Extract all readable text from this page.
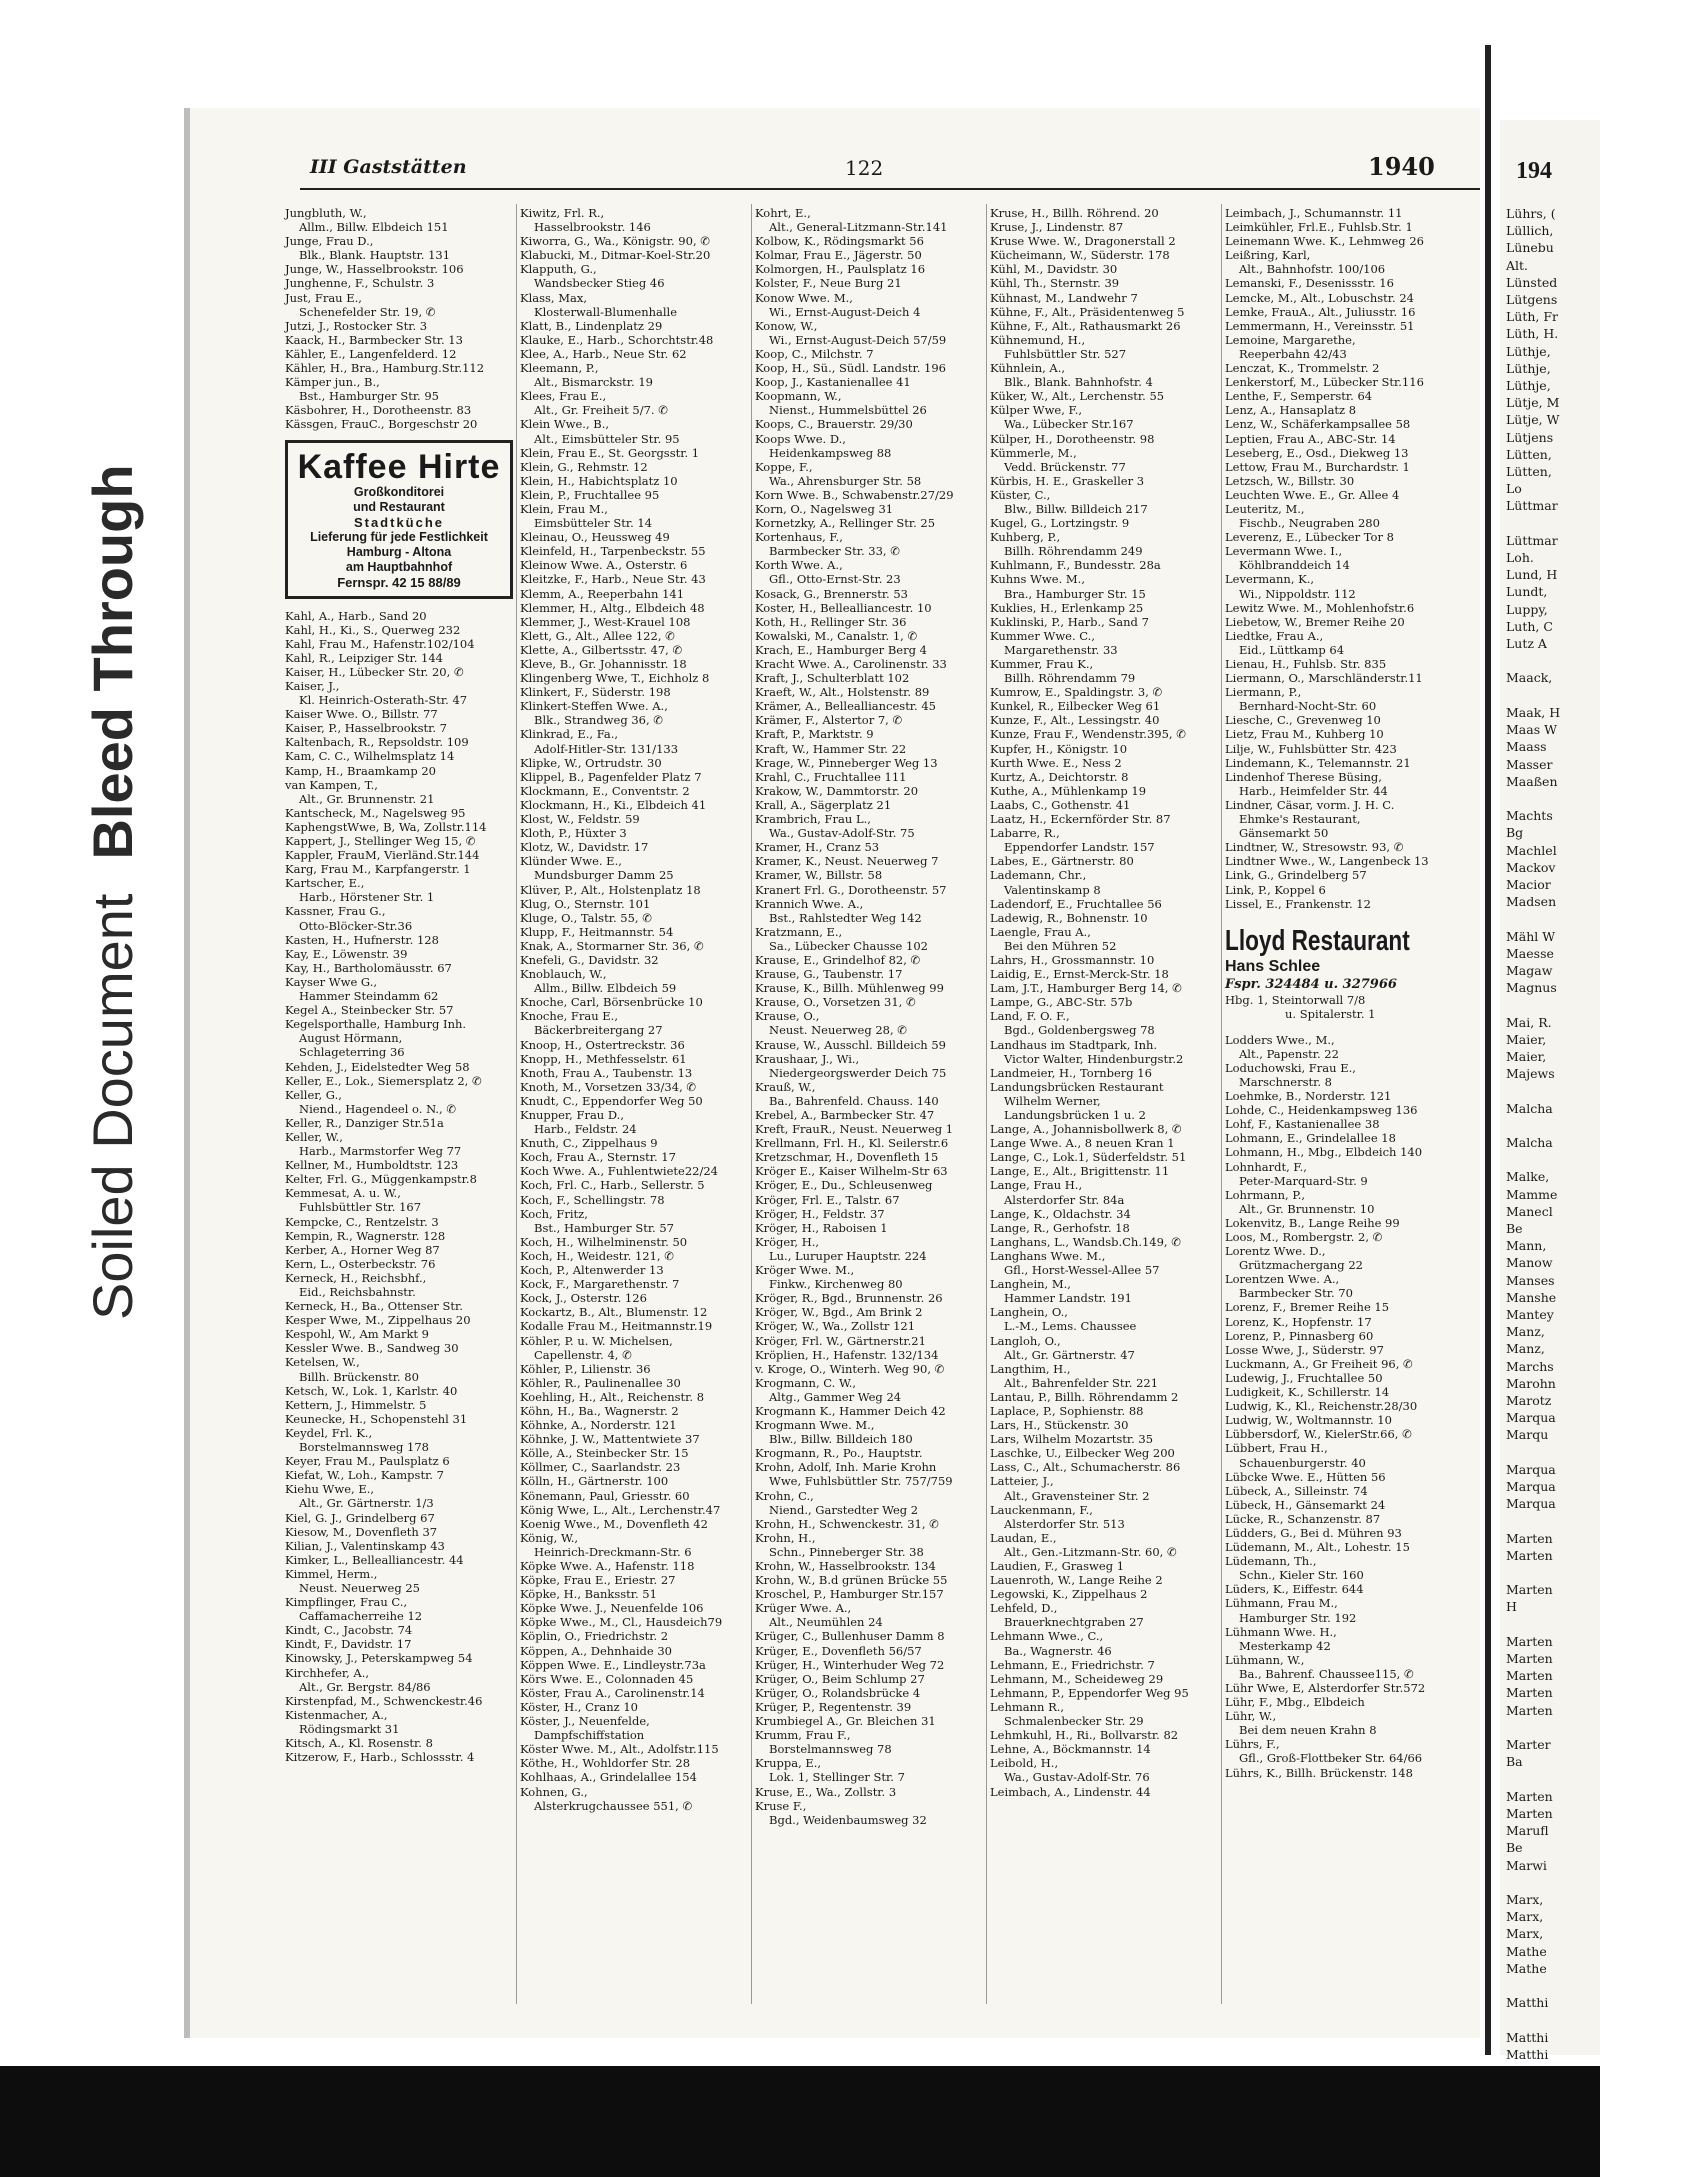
Soiled Document
Bleed Through
III Gaststätten	122	1940
Jungbluth, W.,
Allm., Billw. Elbdeich 151
Junge, Frau D.,
Blk., Blank. Hauptstr. 131
Junge, W., Hasselbrookstr. 106
Junghenne, F., Schulstr. 3
Just, Frau E.,
Schenefelder Str. 19, ✆
Jutzi, J., Rostocker Str. 3
Kaack, H., Barmbecker Str. 13
Kähler, E., Langenfelderd. 12
Kähler, H., Bra., Hamburg.Str.112
Kämper jun., B.,
Bst., Hamburger Str. 95
Käsbohrer, H., Dorotheenstr. 83
Kässgen, FrauC., Borgeschstr 20
Kaffee Hirte
Großkonditorei
und Restaurant
Stadtküche
Lieferung für jede Festlichkeit
Hamburg - Altona
am Hauptbahnhof
Fernspr. 42 15 88/89
Kahl, A., Harb., Sand 20
Kahl, H., Ki., S., Querweg 232
Kahl, Frau M., Hafenstr.102/104
Kahl, R., Leipziger Str. 144
Kaiser, H., Lübecker Str. 20, ✆
Kaiser, J.,
Kl. Heinrich-Osterath-Str. 47
Kaiser Wwe. O., Billstr. 77
Kaiser, P., Hasselbrookstr. 7
Kaltenbach, R., Repsoldstr. 109
Kam, C. C., Wilhelmsplatz 14
Kamp, H., Braamkamp 20
van Kampen, T.,
Alt., Gr. Brunnenstr. 21
Kantscheck, M., Nagelsweg 95
KaphengstWwe, B, Wa, Zollstr.114
Kappert, J., Stellinger Weg 15, ✆
Kappler, FrauM, Vierländ.Str.144
Karg, Frau M., Karpfangerstr. 1
Kartscher, E.,
Harb., Hörstener Str. 1
Kassner, Frau G.,
Otto-Blöcker-Str.36
Kasten, H., Hufnerstr. 128
Kay, E., Löwenstr. 39
Kay, H., Bartholomäusstr. 67
Kayser Wwe G.,
Hammer Steindamm 62
Kegel A., Steinbecker Str. 57
Kegelsporthalle, Hamburg Inh.
August Hörmann,
Schlageterring 36
Kehden, J., Eidelstedter Weg 58
Keller, E., Lok., Siemersplatz 2, ✆
Keller, G.,
Niend., Hagendeel o. N., ✆
Keller, R., Danziger Str.51a
Keller, W.,
Harb., Marmstorfer Weg 77
Kellner, M., Humboldtstr. 123
Kelter, Frl. G., Müggenkampstr.8
Kemmesat, A. u. W.,
Fuhlsbüttler Str. 167
Kempcke, C., Rentzelstr. 3
Kempin, R., Wagnerstr. 128
Kerber, A., Horner Weg 87
Kern, L., Osterbeckstr. 76
Kerneck, H., Reichsbhf.,
Eid., Reichsbahnstr.
Kerneck, H., Ba., Ottenser Str.
Kesper Wwe, M., Zippelhaus 20
Kespohl, W., Am Markt 9
Kessler Wwe. B., Sandweg 30
Ketelsen, W.,
Billh. Brückenstr. 80
Ketsch, W., Lok. 1, Karlstr. 40
Kettern, J., Himmelstr. 5
Keunecke, H., Schopenstehl 31
Keydel, Frl. K.,
Borstelmannsweg 178
Keyer, Frau M., Paulsplatz 6
Kiefat, W., Loh., Kampstr. 7
Kiehu Wwe, E.,
Alt., Gr. Gärtnerstr. 1/3
Kiel, G. J., Grindelberg 67
Kiesow, M., Dovenfleth 37
Kilian, J., Valentinskamp 43
Kimker, L., Bellealliancestr. 44
Kimmel, Herm.,
Neust. Neuerweg 25
Kimpflinger, Frau C.,
Caffamacherreihe 12
Kindt, C., Jacobstr. 74
Kindt, F., Davidstr. 17
Kinowsky, J., Peterskampweg 54
Kirchhefer, A.,
Alt., Gr. Bergstr. 84/86
Kirstenpfad, M., Schwenckestr.46
Kistenmacher, A.,
Rödingsmarkt 31
Kitsch, A., Kl. Rosenstr. 8
Kitzerow, F., Harb., Schlossstr. 4
Kiwitz, Frl. R.,
Hasselbrookstr. 146
Kiworra, G., Wa., Königstr. 90, ✆
Klabucki, M., Ditmar-Koel-Str.20
Klapputh, G.,
Wandsbecker Stieg 46
Klass, Max,
Klosterwall-Blumenhalle
Klatt, B., Lindenplatz 29
Klauke, E., Harb., Schorchtstr.48
Klee, A., Harb., Neue Str. 62
Kleemann, P.,
Alt., Bismarckstr. 19
Klees, Frau E.,
Alt., Gr. Freiheit 5/7. ✆
Klein Wwe., B.,
Alt., Eimsbütteler Str. 95
Klein, Frau E., St. Georgsstr. 1
Klein, G., Rehmstr. 12
Klein, H., Habichtsplatz 10
Klein, P., Fruchtallee 95
Klein, Frau M.,
Eimsbütteler Str. 14
Kleinau, O., Heussweg 49
Kleinfeld, H., Tarpenbeckstr. 55
Kleinow Wwe. A., Osterstr. 6
Kleitzke, F., Harb., Neue Str. 43
Klemm, A., Reeperbahn 141
Klemmer, H., Altg., Elbdeich 48
Klemmer, J., West-Krauel 108
Klett, G., Alt., Allee 122, ✆
Klette, A., Gilbertsstr. 47, ✆
Kleve, B., Gr. Johannisstr. 18
Klingenberg Wwe, T., Eichholz 8
Klinkert, F., Süderstr. 198
Klinkert-Steffen Wwe. A.,
Blk., Strandweg 36, ✆
Klinkrad, E., Fa.,
Adolf-Hitler-Str. 131/133
Klipke, W., Ortrudstr. 30
Klippel, B., Pagenfelder Platz 7
Klockmann, E., Conventstr. 2
Klockmann, H., Ki., Elbdeich 41
Klost, W., Feldstr. 59
Kloth, P., Hüxter 3
Klotz, W., Davidstr. 17
Klünder Wwe. E.,
Mundsburger Damm 25
Klüver, P., Alt., Holstenplatz 18
Klug, O., Sternstr. 101
Kluge, O., Talstr. 55, ✆
Klupp, F., Heitmannstr. 54
Knak, A., Stormarner Str. 36, ✆
Knefeli, G., Davidstr. 32
Knoblauch, W.,
Allm., Billw. Elbdeich 59
Knoche, Carl, Börsenbrücke 10
Knoche, Frau E.,
Bäckerbreitergang 27
Knoop, H., Ostertreckstr. 36
Knopp, H., Methfesselstr. 61
Knoth, Frau A., Taubenstr. 13
Knoth, M., Vorsetzen 33/34, ✆
Knudt, C., Eppendorfer Weg 50
Knupper, Frau D.,
Harb., Feldstr. 24
Knuth, C., Zippelhaus 9
Koch, Frau A., Sternstr. 17
Koch Wwe. A., Fuhlentwiete22/24
Koch, Frl. C., Harb., Sellerstr. 5
Koch, F., Schellingstr. 78
Koch, Fritz,
Bst., Hamburger Str. 57
Koch, H., Wilhelminenstr. 50
Koch, H., Weidestr. 121, ✆
Koch, P., Altenwerder 13
Kock, F., Margarethenstr. 7
Kock, J., Osterstr. 126
Kockartz, B., Alt., Blumenstr. 12
Kodalle Frau M., Heitmannstr.19
Köhler, P. u. W. Michelsen,
Capellenstr. 4, ✆
Köhler, P., Lilienstr. 36
Köhler, R., Paulinenallee 30
Koehling, H., Alt., Reichenstr. 8
Köhn, H., Ba., Wagnerstr. 2
Köhnke, A., Norderstr. 121
Köhnke, J. W., Mattentwiete 37
Kölle, A., Steinbecker Str. 15
Köllmer, C., Saarlandstr. 23
Kölln, H., Gärtnerstr. 100
Könemann, Paul, Griesstr. 60
König Wwe, L., Alt., Lerchenstr.47
Koenig Wwe., M., Dovenfleth 42
König, W.,
Heinrich-Dreckmann-Str. 6
Köpke Wwe. A., Hafenstr. 118
Köpke, Frau E., Eriestr. 27
Köpke, H., Banksstr. 51
Köpke Wwe. J., Neuenfelde 106
Köpke Wwe., M., Cl., Hausdeich79
Köplin, O., Friedrichstr. 2
Köppen, A., Dehnhaide 30
Köppen Wwe. E., Lindleystr.73a
Körs Wwe. E., Colonnaden 45
Köster, Frau A., Carolinenstr.14
Köster, H., Cranz 10
Köster, J., Neuenfelde,
Dampfschiffstation
Köster Wwe. M., Alt., Adolfstr.115
Köthe, H., Wohldorfer Str. 28
Kohlhaas, A., Grindelallee 154
Kohnen, G.,
Alsterkrugchaussee 551, ✆
Kohrt, E.,
Alt., General-Litzmann-Str.141
Kolbow, K., Rödingsmarkt 56
Kolmar, Frau E., Jägerstr. 50
Kolmorgen, H., Paulsplatz 16
Kolster, F., Neue Burg 21
Konow Wwe. M.,
Wi., Ernst-August-Deich 4
Konow, W.,
Wi., Ernst-August-Deich 57/59
Koop, C., Milchstr. 7
Koop, H., Sü., Südl. Landstr. 196
Koop, J., Kastanienallee 41
Koopmann, W.,
Nienst., Hummelsbüttel 26
Koops, C., Brauerstr. 29/30
Koops Wwe. D.,
Heidenkampsweg 88
Koppe, F.,
Wa., Ahrensburger Str. 58
Korn Wwe. B., Schwabenstr.27/29
Korn, O., Nagelsweg 31
Kornetzky, A., Rellinger Str. 25
Kortenhaus, F.,
Barmbecker Str. 33, ✆
Korth Wwe. A.,
Gfl., Otto-Ernst-Str. 23
Kosack, G., Brennerstr. 53
Koster, H., Bellealliancestr. 10
Koth, H., Rellinger Str. 36
Kowalski, M., Canalstr. 1, ✆
Krach, E., Hamburger Berg 4
Kracht Wwe. A., Carolinenstr. 33
Kraft, J., Schulterblatt 102
Kraeft, W., Alt., Holstenstr. 89
Krämer, A., Bellealliancestr. 45
Krämer, F., Alstertor 7, ✆
Kraft, P., Marktstr. 9
Kraft, W., Hammer Str. 22
Krage, W., Pinneberger Weg 13
Krahl, C., Fruchtallee 111
Krakow, W., Dammtorstr. 20
Krall, A., Sägerplatz 21
Krambrich, Frau L.,
Wa., Gustav-Adolf-Str. 75
Kramer, H., Cranz 53
Kramer, K., Neust. Neuerweg 7
Kramer, W., Billstr. 58
Kranert Frl. G., Dorotheenstr. 57
Krannich Wwe. A.,
Bst., Rahlstedter Weg 142
Kratzmann, E.,
Sa., Lübecker Chausse 102
Krause, E., Grindelhof 82, ✆
Krause, G., Taubenstr. 17
Krause, K., Billh. Mühlenweg 99
Krause, O., Vorsetzen 31, ✆
Krause, O.,
Neust. Neuerweg 28, ✆
Krause, W., Ausschl. Billdeich 59
Kraushaar, J., Wi.,
Niedergeorgswerder Deich 75
Krauß, W.,
Ba., Bahrenfeld. Chauss. 140
Krebel, A., Barmbecker Str. 47
Kreft, FrauR., Neust. Neuerweg 1
Krellmann, Frl. H., Kl. Seilerstr.6
Kretzschmar, H., Dovenfleth 15
Kröger E., Kaiser Wilhelm-Str 63
Kröger, E., Du., Schleusenweg
Kröger, Frl. E., Talstr. 67
Kröger, H., Feldstr. 37
Kröger, H., Raboisen 1
Kröger, H.,
Lu., Luruper Hauptstr. 224
Kröger Wwe. M.,
Finkw., Kirchenweg 80
Kröger, R., Bgd., Brunnenstr. 26
Kröger, W., Bgd., Am Brink 2
Kröger, W., Wa., Zollstr 121
Kröger, Frl. W., Gärtnerstr.21
Kröplien, H., Hafenstr. 132/134
v. Kroge, O., Winterh. Weg 90, ✆
Krogmann, C. W.,
Altg., Gammer Weg 24
Krogmann K., Hammer Deich 42
Krogmann Wwe. M.,
Blw., Billw. Billdeich 180
Krogmann, R., Po., Hauptstr.
Krohn, Adolf, Inh. Marie Krohn
Wwe, Fuhlsbüttler Str. 757/759
Krohn, C.,
Niend., Garstedter Weg 2
Krohn, H., Schwenckestr. 31, ✆
Krohn, H.,
Schn., Pinneberger Str. 38
Krohn, W., Hasselbrookstr. 134
Krohn, W., B.d grünen Brücke 55
Kroschel, P., Hamburger Str.157
Krüger Wwe. A.,
Alt., Neumühlen 24
Krüger, C., Bullenhuser Damm 8
Krüger, E., Dovenfleth 56/57
Krüger, H., Winterhuder Weg 72
Krüger, O., Beim Schlump 27
Krüger, O., Rolandsbrücke 4
Krüger, P., Regentenstr. 39
Krumbiegel A., Gr. Bleichen 31
Krumm, Frau F.,
Borstelmannsweg 78
Kruppa, E.,
Lok. 1, Stellinger Str. 7
Kruse, E., Wa., Zollstr. 3
Kruse F.,
Bgd., Weidenbaumsweg 32
Kruse, H., Billh. Röhrend. 20
Kruse, J., Lindenstr. 87
Kruse Wwe. W., Dragonerstall 2
Kücheimann, W., Süderstr. 178
Kühl, M., Davidstr. 30
Kühl, Th., Sternstr. 39
Kühnast, M., Landwehr 7
Kühne, F., Alt., Präsidentenweg 5
Kühne, F., Alt., Rathausmarkt 26
Kühnemund, H.,
Fuhlsbüttler Str. 527
Kühnlein, A.,
Blk., Blank. Bahnhofstr. 4
Küker, W., Alt., Lerchenstr. 55
Külper Wwe, F.,
Wa., Lübecker Str.167
Külper, H., Dorotheenstr. 98
Kümmerle, M.,
Vedd. Brückenstr. 77
Kürbis, H. E., Graskeller 3
Küster, C.,
Blw., Billw. Billdeich 217
Kugel, G., Lortzingstr. 9
Kuhberg, P.,
Billh. Röhrendamm 249
Kuhlmann, F., Bundesstr. 28a
Kuhns Wwe. M.,
Bra., Hamburger Str. 15
Kuklies, H., Erlenkamp 25
Kuklinski, P., Harb., Sand 7
Kummer Wwe. C.,
Margarethenstr. 33
Kummer, Frau K.,
Billh. Röhrendamm 79
Kumrow, E., Spaldingstr. 3, ✆
Kunkel, R., Eilbecker Weg 61
Kunze, F., Alt., Lessingstr. 40
Kunze, Frau F., Wendenstr.395, ✆
Kupfer, H., Königstr. 10
Kurth Wwe. E., Ness 2
Kurtz, A., Deichtorstr. 8
Kuthe, A., Mühlenkamp 19
Laabs, C., Gothenstr. 41
Laatz, H., Eckernförder Str. 87
Labarre, R.,
Eppendorfer Landstr. 157
Labes, E., Gärtnerstr. 80
Lademann, Chr.,
Valentinskamp 8
Ladendorf, E., Fruchtallee 56
Ladewig, R., Bohnenstr. 10
Laengle, Frau A.,
Bei den Mühren 52
Lahrs, H., Grossmannstr. 10
Laidig, E., Ernst-Merck-Str. 18
Lam, J.T., Hamburger Berg 14, ✆
Lampe, G., ABC-Str. 57b
Land, F. O. F.,
Bgd., Goldenbergsweg 78
Landhaus im Stadtpark, Inh.
Victor Walter, Hindenburgstr.2
Landmeier, H., Tornberg 16
Landungsbrücken Restaurant
Wilhelm Werner,
Landungsbrücken 1 u. 2
Lange, A., Johannisbollwerk 8, ✆
Lange Wwe. A., 8 neuen Kran 1
Lange, C., Lok.1, Süderfeldstr. 51
Lange, E., Alt., Brigittenstr. 11
Lange, Frau H.,
Alsterdorfer Str. 84a
Lange, K., Oldachstr. 34
Lange, R., Gerhofstr. 18
Langhans, L., Wandsb.Ch.149, ✆
Langhans Wwe. M.,
Gfl., Horst-Wessel-Allee 57
Langhein, M.,
Hammer Landstr. 191
Langhein, O.,
L.-M., Lems. Chaussee
Langloh, O.,
Alt., Gr. Gärtnerstr. 47
Langthim, H.,
Alt., Bahrenfelder Str. 221
Lantau, P., Billh. Röhrendamm 2
Laplace, P., Sophienstr. 88
Lars, H., Stückenstr. 30
Lars, Wilhelm Mozartstr. 35
Laschke, U., Eilbecker Weg 200
Lass, C., Alt., Schumacherstr. 86
Latteier, J.,
Alt., Gravensteiner Str. 2
Lauckenmann, F.,
Alsterdorfer Str. 513
Laudan, E.,
Alt., Gen.-Litzmann-Str. 60, ✆
Laudien, F., Grasweg 1
Lauenroth, W., Lange Reihe 2
Legowski, K., Zippelhaus 2
Lehfeld, D.,
Brauerknechtgraben 27
Lehmann Wwe., C.,
Ba., Wagnerstr. 46
Lehmann, E., Friedrichstr. 7
Lehmann, M., Scheideweg 29
Lehmann, P., Eppendorfer Weg 95
Lehmann R.,
Schmalenbecker Str. 29
Lehmkuhl, H., Ri., Bollvarstr. 82
Lehne, A., Böckmannstr. 14
Leibold, H.,
Wa., Gustav-Adolf-Str. 76
Leimbach, A., Lindenstr. 44
Leimbach, J., Schumannstr. 11
Leimkühler, Frl.E., Fuhlsb.Str. 1
Leinemann Wwe. K., Lehmweg 26
Leißring, Karl,
Alt., Bahnhofstr. 100/106
Lemanski, F., Desenissstr. 16
Lemcke, M., Alt., Lobuschstr. 24
Lemke, FrauA., Alt., Juliusstr. 16
Lemmermann, H., Vereinsstr. 51
Lemoine, Margarethe,
Reeperbahn 42/43
Lenczat, K., Trommelstr. 2
Lenkerstorf, M., Lübecker Str.116
Lenthe, F., Semperstr. 64
Lenz, A., Hansaplatz 8
Lenz, W., Schäferkampsallee 58
Leptien, Frau A., ABC-Str. 14
Leseberg, E., Osd., Diekweg 13
Lettow, Frau M., Burchardstr. 1
Letzsch, W., Billstr. 30
Leuchten Wwe. E., Gr. Allee 4
Leuteritz, M.,
Fischb., Neugraben 280
Leverenz, E., Lübecker Tor 8
Levermann Wwe. I.,
Köhlbranddeich 14
Levermann, K.,
Wi., Nippoldstr. 112
Lewitz Wwe. M., Mohlenhofstr.6
Liebetow, W., Bremer Reihe 20
Liedtke, Frau A.,
Eid., Lüttkamp 64
Lienau, H., Fuhlsb. Str. 835
Liermann, O., Marschländerstr.11
Liermann, P.,
Bernhard-Nocht-Str. 60
Liesche, C., Grevenweg 10
Lietz, Frau M., Kuhberg 10
Lilje, W., Fuhlsbütter Str. 423
Lindemann, K., Telemannstr. 21
Lindenhof Therese Büsing,
Harb., Heimfelder Str. 44
Lindner, Cäsar, vorm. J. H. C.
Ehmke's Restaurant,
Gänsemarkt 50
Lindtner, W., Stresowstr. 93, ✆
Lindtner Wwe., W., Langenbeck 13
Link, G., Grindelberg 57
Link, P., Koppel 6
Lissel, E., Frankenstr. 12
Lloyd Restaurant
Hans Schlee
Fspr. 324484 u. 327966
Hbg. 1, Steintorwall 7/8
u. Spitalerstr. 1
Lodders Wwe., M.,
Alt., Papenstr. 22
Loduchowski, Frau E.,
Marschnerstr. 8
Loehmke, B., Norderstr. 121
Lohde, C., Heidenkampsweg 136
Lohf, F., Kastanienallee 38
Lohmann, E., Grindelallee 18
Lohmann, H., Mbg., Elbdeich 140
Lohnhardt, F.,
Peter-Marquard-Str. 9
Lohrmann, P.,
Alt., Gr. Brunnenstr. 10
Lokenvitz, B., Lange Reihe 99
Loos, M., Rombergstr. 2, ✆
Lorentz Wwe. D.,
Grützmachergang 22
Lorentzen Wwe. A.,
Barmbecker Str. 70
Lorenz, F., Bremer Reihe 15
Lorenz, K., Hopfenstr. 17
Lorenz, P., Pinnasberg 60
Losse Wwe, J., Süderstr. 97
Luckmann, A., Gr Freiheit 96, ✆
Ludewig, J., Fruchtallee 50
Ludigkeit, K., Schillerstr. 14
Ludwig, K., Kl., Reichenstr.28/30
Ludwig, W., Woltmannstr. 10
Lübbersdorf, W., KielerStr.66, ✆
Lübbert, Frau H.,
Schauenburgerstr. 40
Lübcke Wwe. E., Hütten 56
Lübeck, A., Silleinstr. 74
Lübeck, H., Gänsemarkt 24
Lücke, R., Schanzenstr. 87
Lüdders, G., Bei d. Mühren 93
Lüdemann, M., Alt., Lohestr. 15
Lüdemann, Th.,
Schn., Kieler Str. 160
Lüders, K., Eiffestr. 644
Lühmann, Frau M.,
Hamburger Str. 192
Lühmann Wwe. H.,
Mesterkamp 42
Lühmann, W.,
Ba., Bahrenf. Chaussee115, ✆
Lühr Wwe, E, Alsterdorfer Str.572
Lühr, F., Mbg., Elbdeich
Lühr, W.,
Bei dem neuen Krahn 8
Lührs, F.,
Gfl., Groß-Flottbeker Str. 64/66
Lührs, K., Billh. Brückenstr. 148
194
Lührs, (
Lüllich,
Lünebu
Alt.
Lünsted
Lütgens
Lüth, Fr
Lüth, H.
Lüthje,
Lüthje,
Lüthje,
Lütje, M
Lütje, W
Lütjens
Lütten,
Lütten,
Lo
Lüttmar

Lüttmar
Loh.
Lund, H
Lundt,
Luppy,
Luth, C
Lutz A

Maack,

Maak, H
Maas W
Maass
Masser
Maaßen

Machts
Bg
Machlel
Mackov
Macior
Madsen

Mähl W
Maesse
Magaw
Magnus

Mai, R.
Maier,
Maier,
Majews

Malcha

Malcha

Malke,
Mamme
Manecl
Be
Mann,
Manow
Manses
Manshe
Mantey
Manz,
Manz,
Marchs
Marohn
Marotz
Marqua
Marqu

Marqua
Marqua
Marqua

Marten
Marten

Marten
H

Marten
Marten
Marten
Marten
Marten

Marter
Ba

Marten
Marten
Marufl
Be
Marwi

Marx,
Marx,
Marx,
Mathe
Mathe

Matthi

Matthi
Matthi
